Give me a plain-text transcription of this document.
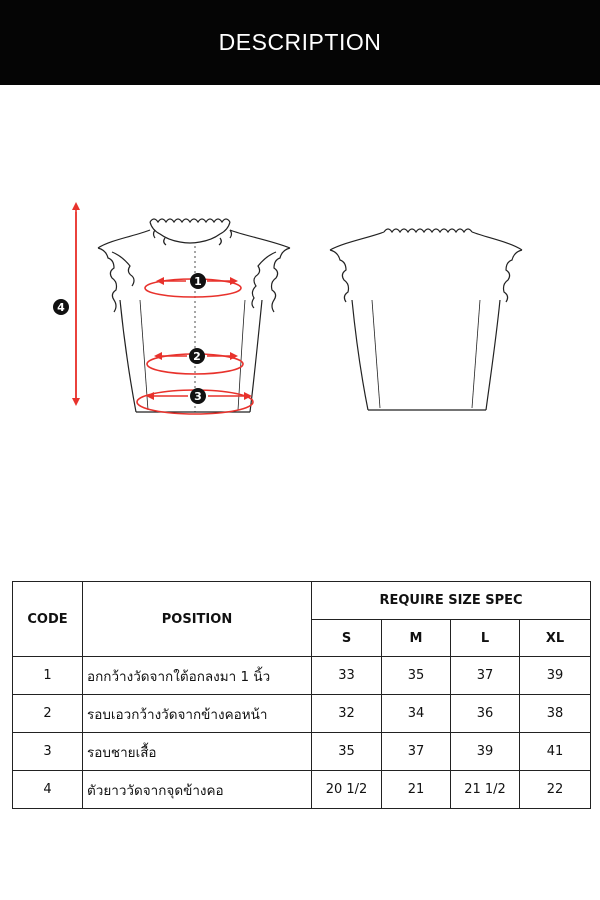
DESCRIPTION
1
2
3
4
CODE	POSITION	REQUIRE SIZE SPEC			
		S	M	L	XL
1	อกกว้างวัดจากใต้อกลงมา 1 นิ้ว	33	35	37	39
2	รอบเอวกว้างวัดจากข้างคอหน้า	32	34	36	38
3	รอบชายเสื้อ	35	37	39	41
4	ตัวยาววัดจากจุดข้างคอ	20 1/2	21	21 1/2	22
